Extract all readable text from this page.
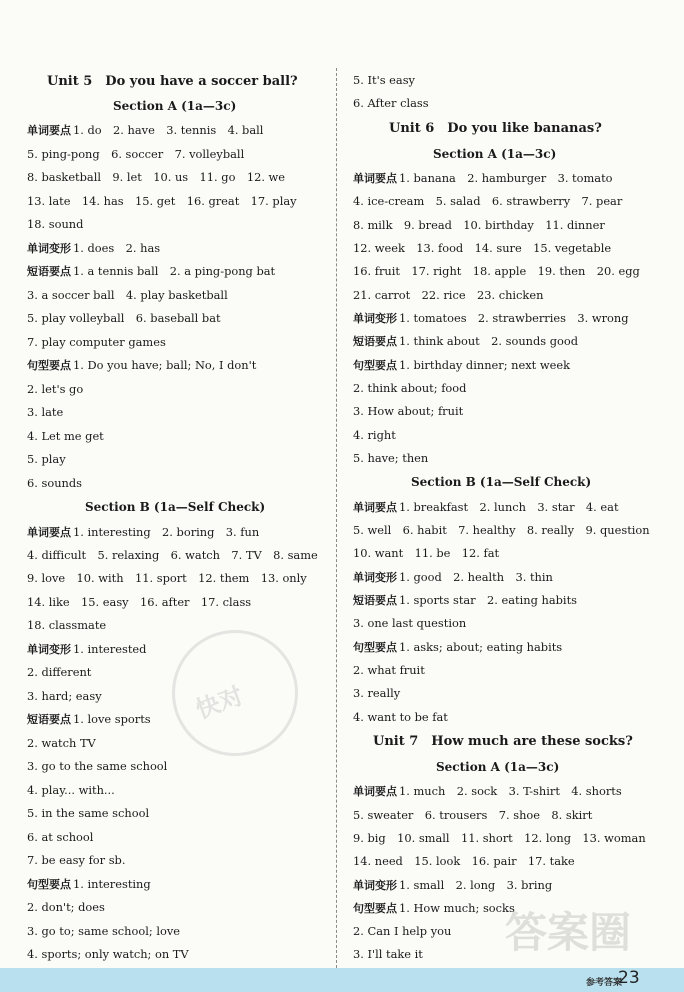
Unit 5　Do you have a soccer ball?
Section A (1a—3c)
单词要点 1. do　2. have　3. tennis　4. ball
5. ping-pong　6. soccer　7. volleyball
8. basketball　9. let　10. us　11. go　12. we
13. late　14. has　15. get　16. great　17. play
18. sound
单词变形 1. does　2. has
短语要点 1. a tennis ball　2. a ping-pong bat
3. a soccer ball　4. play basketball
5. play volleyball　6. baseball bat
7. play computer games
句型要点 1. Do you have; ball; No, I don't
2. let's go
3. late
4. Let me get
5. play
6. sounds
Section B (1a—Self Check)
单词要点 1. interesting　2. boring　3. fun
4. difficult　5. relaxing　6. watch　7. TV　8. same
9. love　10. with　11. sport　12. them　13. only
14. like　15. easy　16. after　17. class
18. classmate
单词变形 1. interested
2. different
3. hard; easy
短语要点 1. love sports
2. watch TV
3. go to the same school
4. play... with...
5. in the same school
6. at school
7. be easy for sb.
句型要点 1. interesting
2. don't; does
3. go to; same school; love
4. sports; only watch; on TV
5. It's easy
6. After class
Unit 6　Do you like bananas?
Section A (1a—3c)
单词要点 1. banana　2. hamburger　3. tomato
4. ice-cream　5. salad　6. strawberry　7. pear
8. milk　9. bread　10. birthday　11. dinner
12. week　13. food　14. sure　15. vegetable
16. fruit　17. right　18. apple　19. then　20. egg
21. carrot　22. rice　23. chicken
单词变形 1. tomatoes　2. strawberries　3. wrong
短语要点 1. think about　2. sounds good
句型要点 1. birthday dinner; next week
2. think about; food
3. How about; fruit
4. right
5. have; then
Section B (1a—Self Check)
单词要点 1. breakfast　2. lunch　3. star　4. eat
5. well　6. habit　7. healthy　8. really　9. question
10. want　11. be　12. fat
单词变形 1. good　2. health　3. thin
短语要点 1. sports star　2. eating habits
3. one last question
句型要点 1. asks; about; eating habits
2. what fruit
3. really
4. want to be fat
Unit 7　How much are these socks?
Section A (1a—3c)
单词要点 1. much　2. sock　3. T-shirt　4. shorts
5. sweater　6. trousers　7. shoe　8. skirt
9. big　10. small　11. short　12. long　13. woman
14. need　15. look　16. pair　17. take
单词变形 1. small　2. long　3. bring
句型要点 1. How much; socks
2. Can I help you
3. I'll take it
快对
答案圈
参考答案
23
